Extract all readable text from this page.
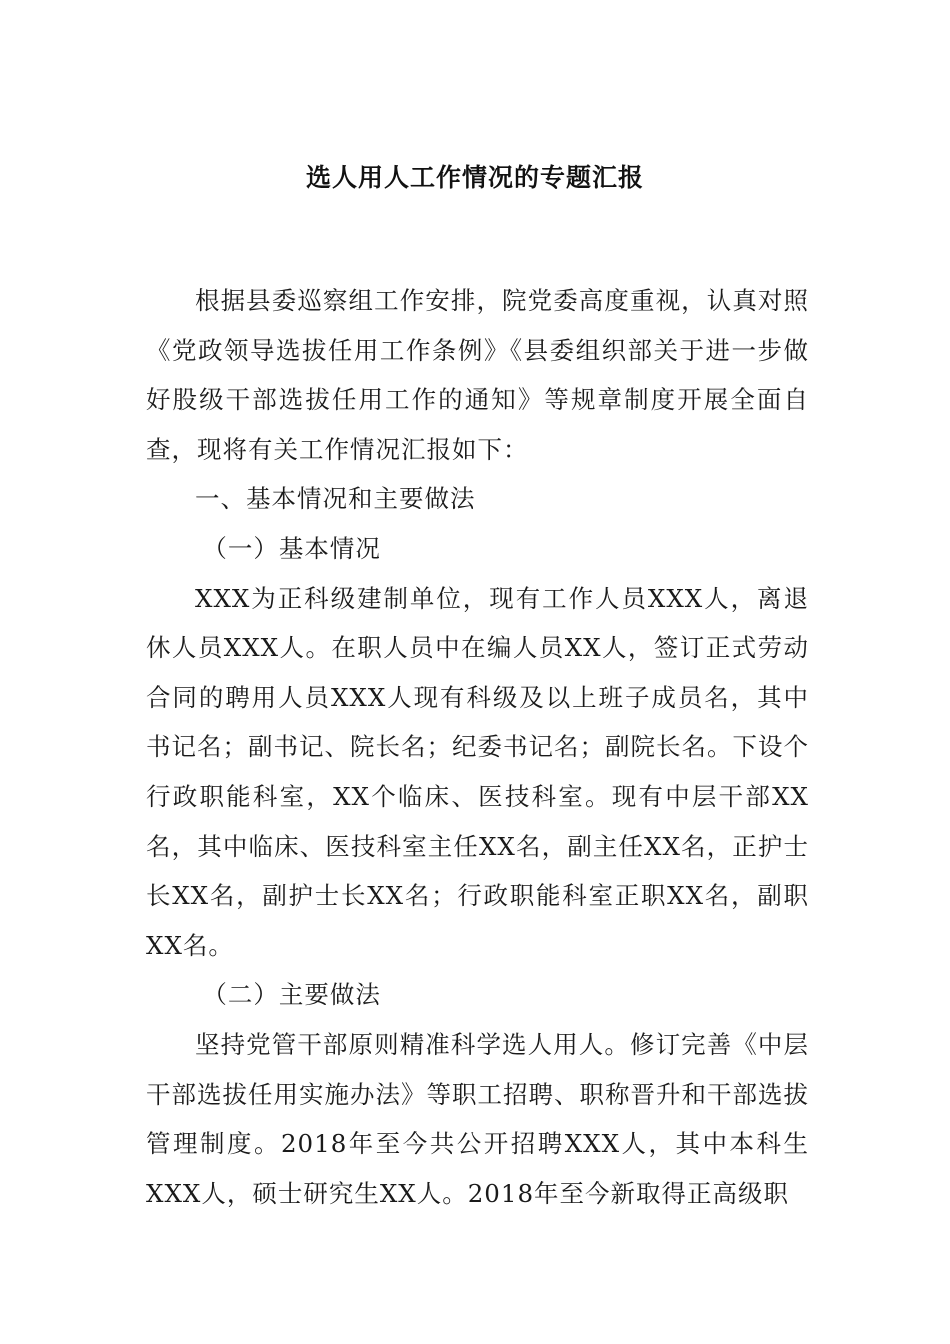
选人用人工作情况的专题汇报

根据县委巡察组工作安排，院党委高度重视，认真对照《党政领导选拔任用工作条例》《县委组织部关于进一步做好股级干部选拔任用工作的通知》等规章制度开展全面自查，现将有关工作情况汇报如下：

一、基本情况和主要做法

（一）基本情况

XXX为正科级建制单位，现有工作人员XXX人，离退休人员XXX人。在职人员中在编人员XX人，签订正式劳动合同的聘用人员XXX人现有科级及以上班子成员名，其中书记名；副书记、院长名；纪委书记名；副院长名。下设个行政职能科室，XX个临床、医技科室。现有中层干部XX名，其中临床、医技科室主任XX名，副主任XX名，正护士长XX名，副护士长XX名；行政职能科室正职XX名，副职XX名。

（二）主要做法

坚持党管干部原则精准科学选人用人。修订完善《中层干部选拔任用实施办法》等职工招聘、职称晋升和干部选拔管理制度。2018年至今共公开招聘XXX人，其中本科生XXX人，硕士研究生XX人。2018年至今新取得正高级职
